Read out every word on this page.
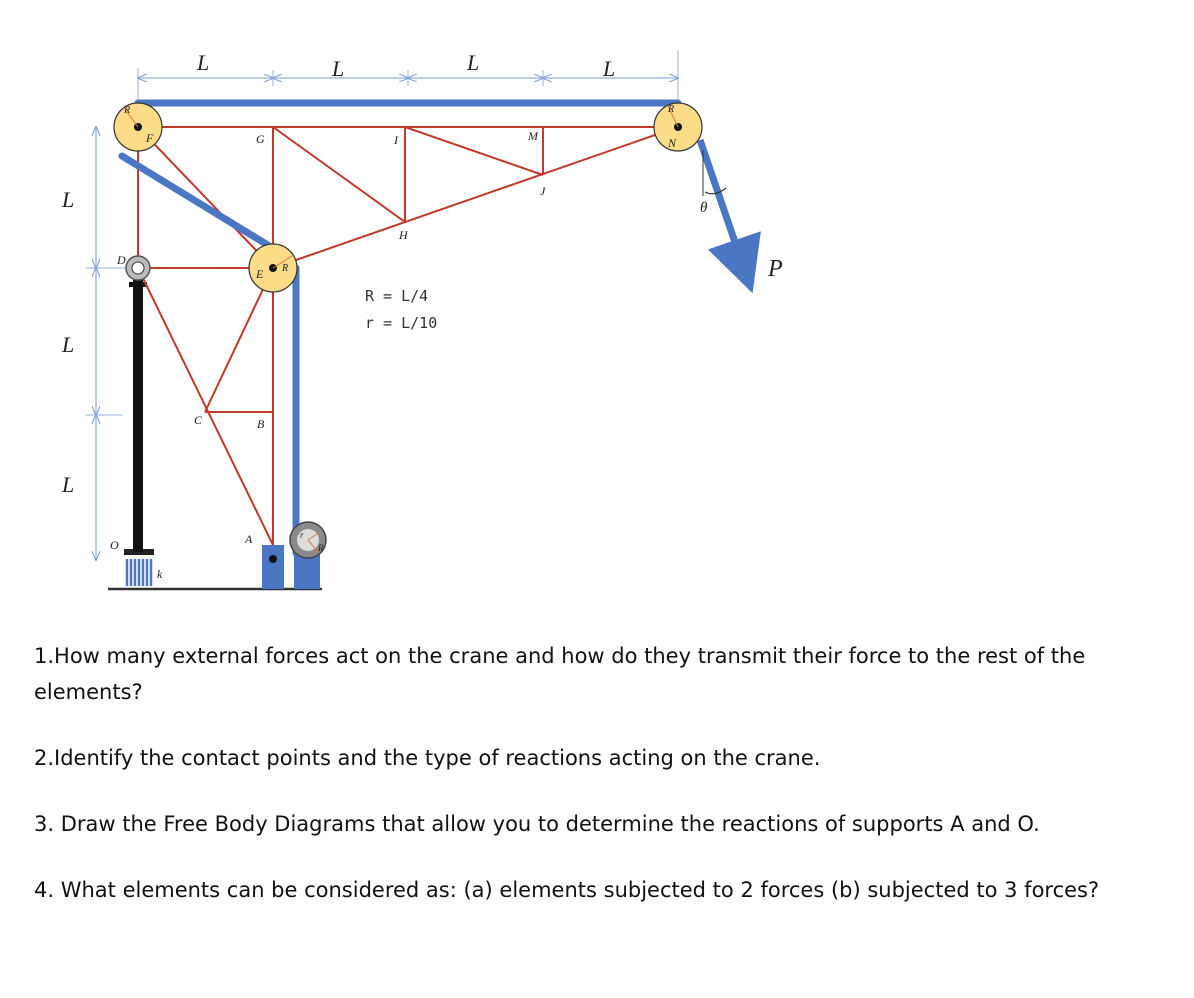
L	L	L	L
L
L
L
F	G	I	M	N
J
H
D
E
C	B
A
O
k
R	R
R
r
R
θ
P
R = L/4
r = L/10

1.How many external forces act on the crane and how do they transmit their force to the rest of the elements?

2.Identify the contact points and the type of reactions acting on the crane.

3. Draw the Free Body Diagrams that allow you to determine the reactions of supports A and O.

4. What elements can be considered as: (a) elements subjected to 2 forces (b) subjected to 3 forces?
